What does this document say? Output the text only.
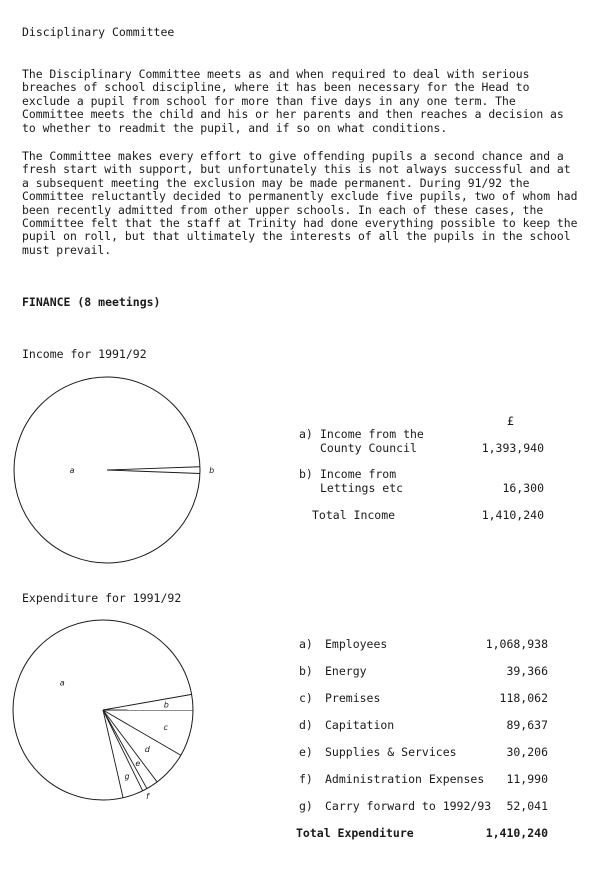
Disciplinary Committee
The Disciplinary Committee meets as and when required to deal with serious
breaches of school discipline, where it has been necessary for the Head to
exclude a pupil from school for more than five days in any one term. The
Committee meets the child and his or her parents and then reaches a decision as
to whether to readmit the pupil, and if so on what conditions.
The Committee makes every effort to give offending pupils a second chance and a
fresh start with support, but unfortunately this is not always successful and at
a subsequent meeting the exclusion may be made permanent. During 91/92 the
Committee reluctantly decided to permanently exclude five pupils, two of whom had
been recently admitted from other upper schools. In each of these cases, the
Committee felt that the staff at Trinity had done everything possible to keep the
pupil on roll, but that ultimately the interests of all the pupils in the school
must prevail.
FINANCE (8 meetings)
Income for 1991/92
a	b
£
a) Income from the
County Council	1,393,940
b) Income from
Lettings etc	16,300
Total Income	1,410,240
Expenditure for 1991/92
a
b
c
d
e
f
g
a) Employees	1,068,938
b) Energy	39,366
c) Premises	118,062
d) Capitation	89,637
e) Supplies & Services	30,206
f) Administration Expenses	11,990
g) Carry forward to 1992/93	52,041
Total Expenditure	1,410,240
